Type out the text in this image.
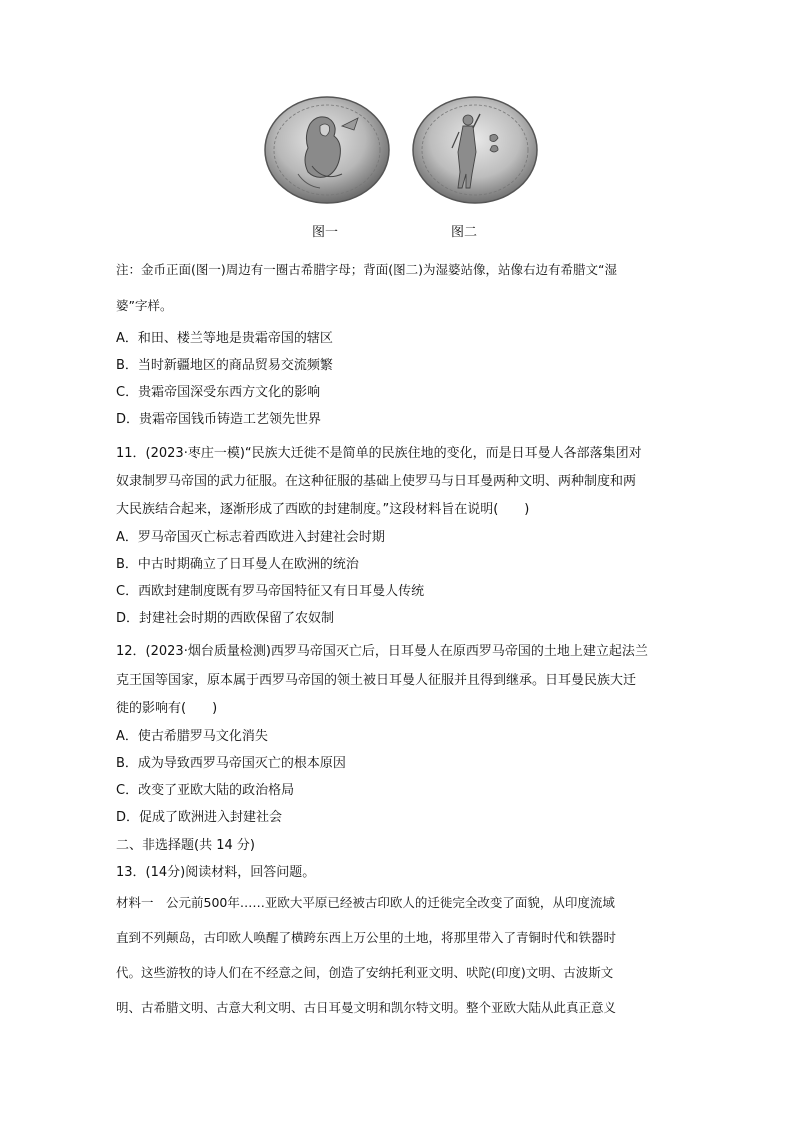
图一	图二
注：金币正面(图一)周边有一圈古希腊字母；背面(图二)为湿婆站像，站像右边有希腊文“湿
婆”字样。
A．和田、楼兰等地是贵霜帝国的辖区
B．当时新疆地区的商品贸易交流频繁
C．贵霜帝国深受东西方文化的影响
D．贵霜帝国钱币铸造工艺领先世界
11．(2023·枣庄一模)“民族大迁徙不是简单的民族住地的变化，而是日耳曼人各部落集团对
奴隶制罗马帝国的武力征服。在这种征服的基础上使罗马与日耳曼两种文明、两种制度和两
大民族结合起来，逐渐形成了西欧的封建制度。”这段材料旨在说明(　　)
A．罗马帝国灭亡标志着西欧进入封建社会时期
B．中古时期确立了日耳曼人在欧洲的统治
C．西欧封建制度既有罗马帝国特征又有日耳曼人传统
D．封建社会时期的西欧保留了农奴制
12．(2023·烟台质量检测)西罗马帝国灭亡后，日耳曼人在原西罗马帝国的土地上建立起法兰
克王国等国家，原本属于西罗马帝国的领土被日耳曼人征服并且得到继承。日耳曼民族大迁
徙的影响有(　　)
A．使古希腊罗马文化消失
B．成为导致西罗马帝国灭亡的根本原因
C．改变了亚欧大陆的政治格局
D．促成了欧洲进入封建社会
二、非选择题(共 14 分)
13．(14分)阅读材料，回答问题。
材料一　公元前500年……亚欧大平原已经被古印欧人的迁徙完全改变了面貌，从印度流域
直到不列颠岛，古印欧人唤醒了横跨东西上万公里的土地，将那里带入了青铜时代和铁器时
代。这些游牧的诗人们在不经意之间，创造了安纳托利亚文明、吠陀(印度)文明、古波斯文
明、古希腊文明、古意大利文明、古日耳曼文明和凯尔特文明。整个亚欧大陆从此真正意义
